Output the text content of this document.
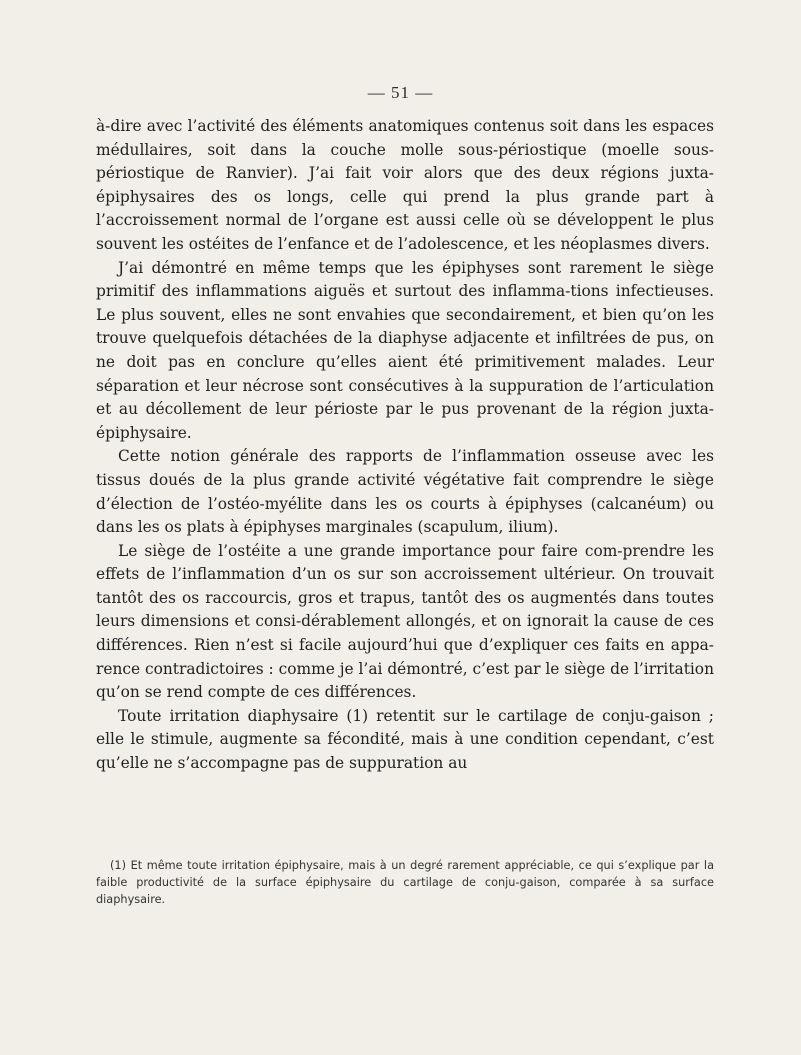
— 51 —

à-dire avec l’activité des éléments anatomiques contenus soit dans les espaces médullaires, soit dans la couche molle sous-périostique (moelle sous-périostique de Ranvier). J’ai fait voir alors que des deux régions juxta-épiphysaires des os longs, celle qui prend la plus grande part à l’accroissement normal de l’organe est aussi celle où se développent le plus souvent les ostéites de l’enfance et de l’adolescence, et les néoplasmes divers.

J’ai démontré en même temps que les épiphyses sont rarement le siège primitif des inflammations aiguës et surtout des inflamma-tions infectieuses. Le plus souvent, elles ne sont envahies que secondairement, et bien qu’on les trouve quelquefois détachées de la diaphyse adjacente et infiltrées de pus, on ne doit pas en conclure qu’elles aient été primitivement malades. Leur séparation et leur nécrose sont consécutives à la suppuration de l’articulation et au décollement de leur périoste par le pus provenant de la région juxta-épiphysaire.

Cette notion générale des rapports de l’inflammation osseuse avec les tissus doués de la plus grande activité végétative fait comprendre le siège d’élection de l’ostéo-myélite dans les os courts à épiphyses (calcanéum) ou dans les os plats à épiphyses marginales (scapulum, ilium).

Le siège de l’ostéite a une grande importance pour faire com-prendre les effets de l’inflammation d’un os sur son accroissement ultérieur. On trouvait tantôt des os raccourcis, gros et trapus, tantôt des os augmentés dans toutes leurs dimensions et consi-dérablement allongés, et on ignorait la cause de ces différences. Rien n’est si facile aujourd’hui que d’expliquer ces faits en appa-rence contradictoires : comme je l’ai démontré, c’est par le siège de l’irritation qu’on se rend compte de ces différences.

Toute irritation diaphysaire (1) retentit sur le cartilage de conju-gaison ; elle le stimule, augmente sa fécondité, mais à une condition cependant, c’est qu’elle ne s’accompagne pas de suppuration au

(1) Et même toute irritation épiphysaire, mais à un degré rarement appréciable, ce qui s’explique par la faible productivité de la surface épiphysaire du cartilage de conju-gaison, comparée à sa surface diaphysaire.
